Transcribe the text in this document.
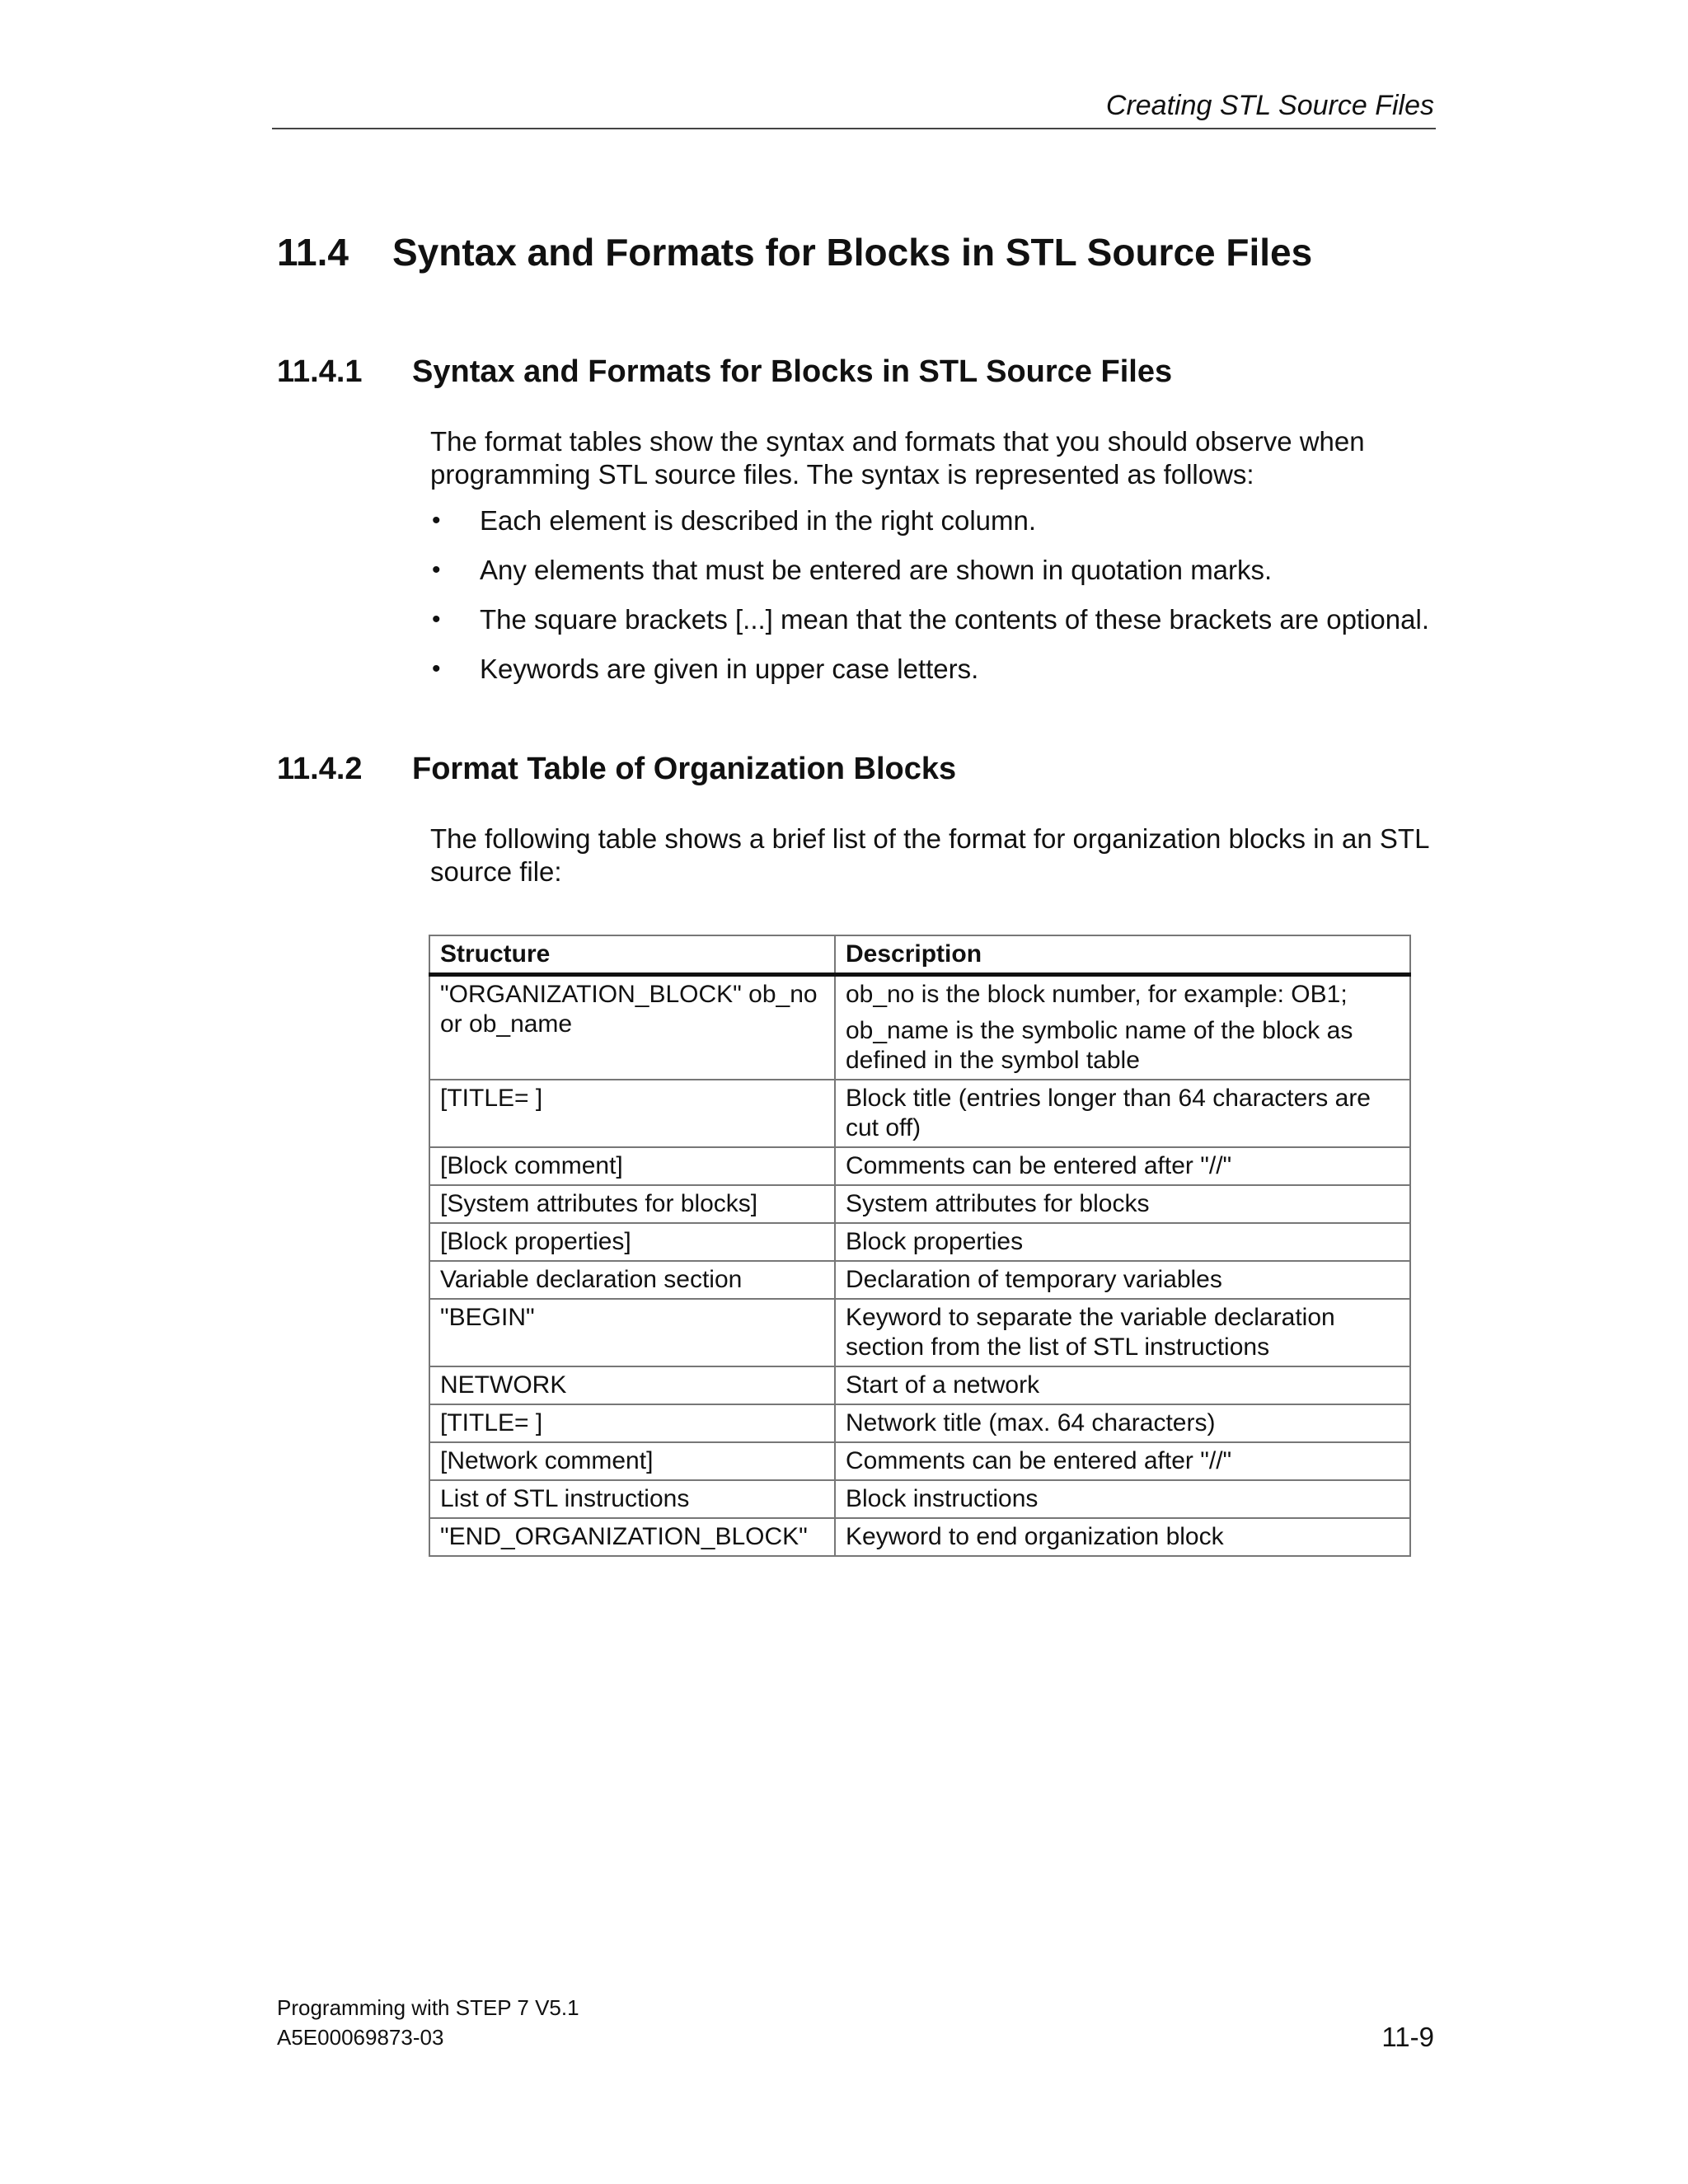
Creating STL Source Files
11.4 Syntax and Formats for Blocks in STL Source Files
11.4.1 Syntax and Formats for Blocks in STL Source Files
The format tables show the syntax and formats that you should observe when programming STL source files. The syntax is represented as follows:
• Each element is described in the right column.
• Any elements that must be entered are shown in quotation marks.
• The square brackets [...] mean that the contents of these brackets are optional.
• Keywords are given in upper case letters.
11.4.2 Format Table of Organization Blocks
The following table shows a brief list of the format for organization blocks in an STL source file:
Structure	Description
"ORGANIZATION_BLOCK" ob_no or ob_name	ob_no is the block number, for example: OB1;
ob_name is the symbolic name of the block as defined in the symbol table
[TITLE= ]	Block title (entries longer than 64 characters are cut off)
[Block comment]	Comments can be entered after "//"
[System attributes for blocks]	System attributes for blocks
[Block properties]	Block properties
Variable declaration section	Declaration of temporary variables
"BEGIN"	Keyword to separate the variable declaration section from the list of STL instructions
NETWORK	Start of a network
[TITLE= ]	Network title (max. 64 characters)
[Network comment]	Comments can be entered after "//"
List of STL instructions	Block instructions
"END_ORGANIZATION_BLOCK"	Keyword to end organization block
Programming with STEP 7 V5.1
A5E00069873-03	11-9
